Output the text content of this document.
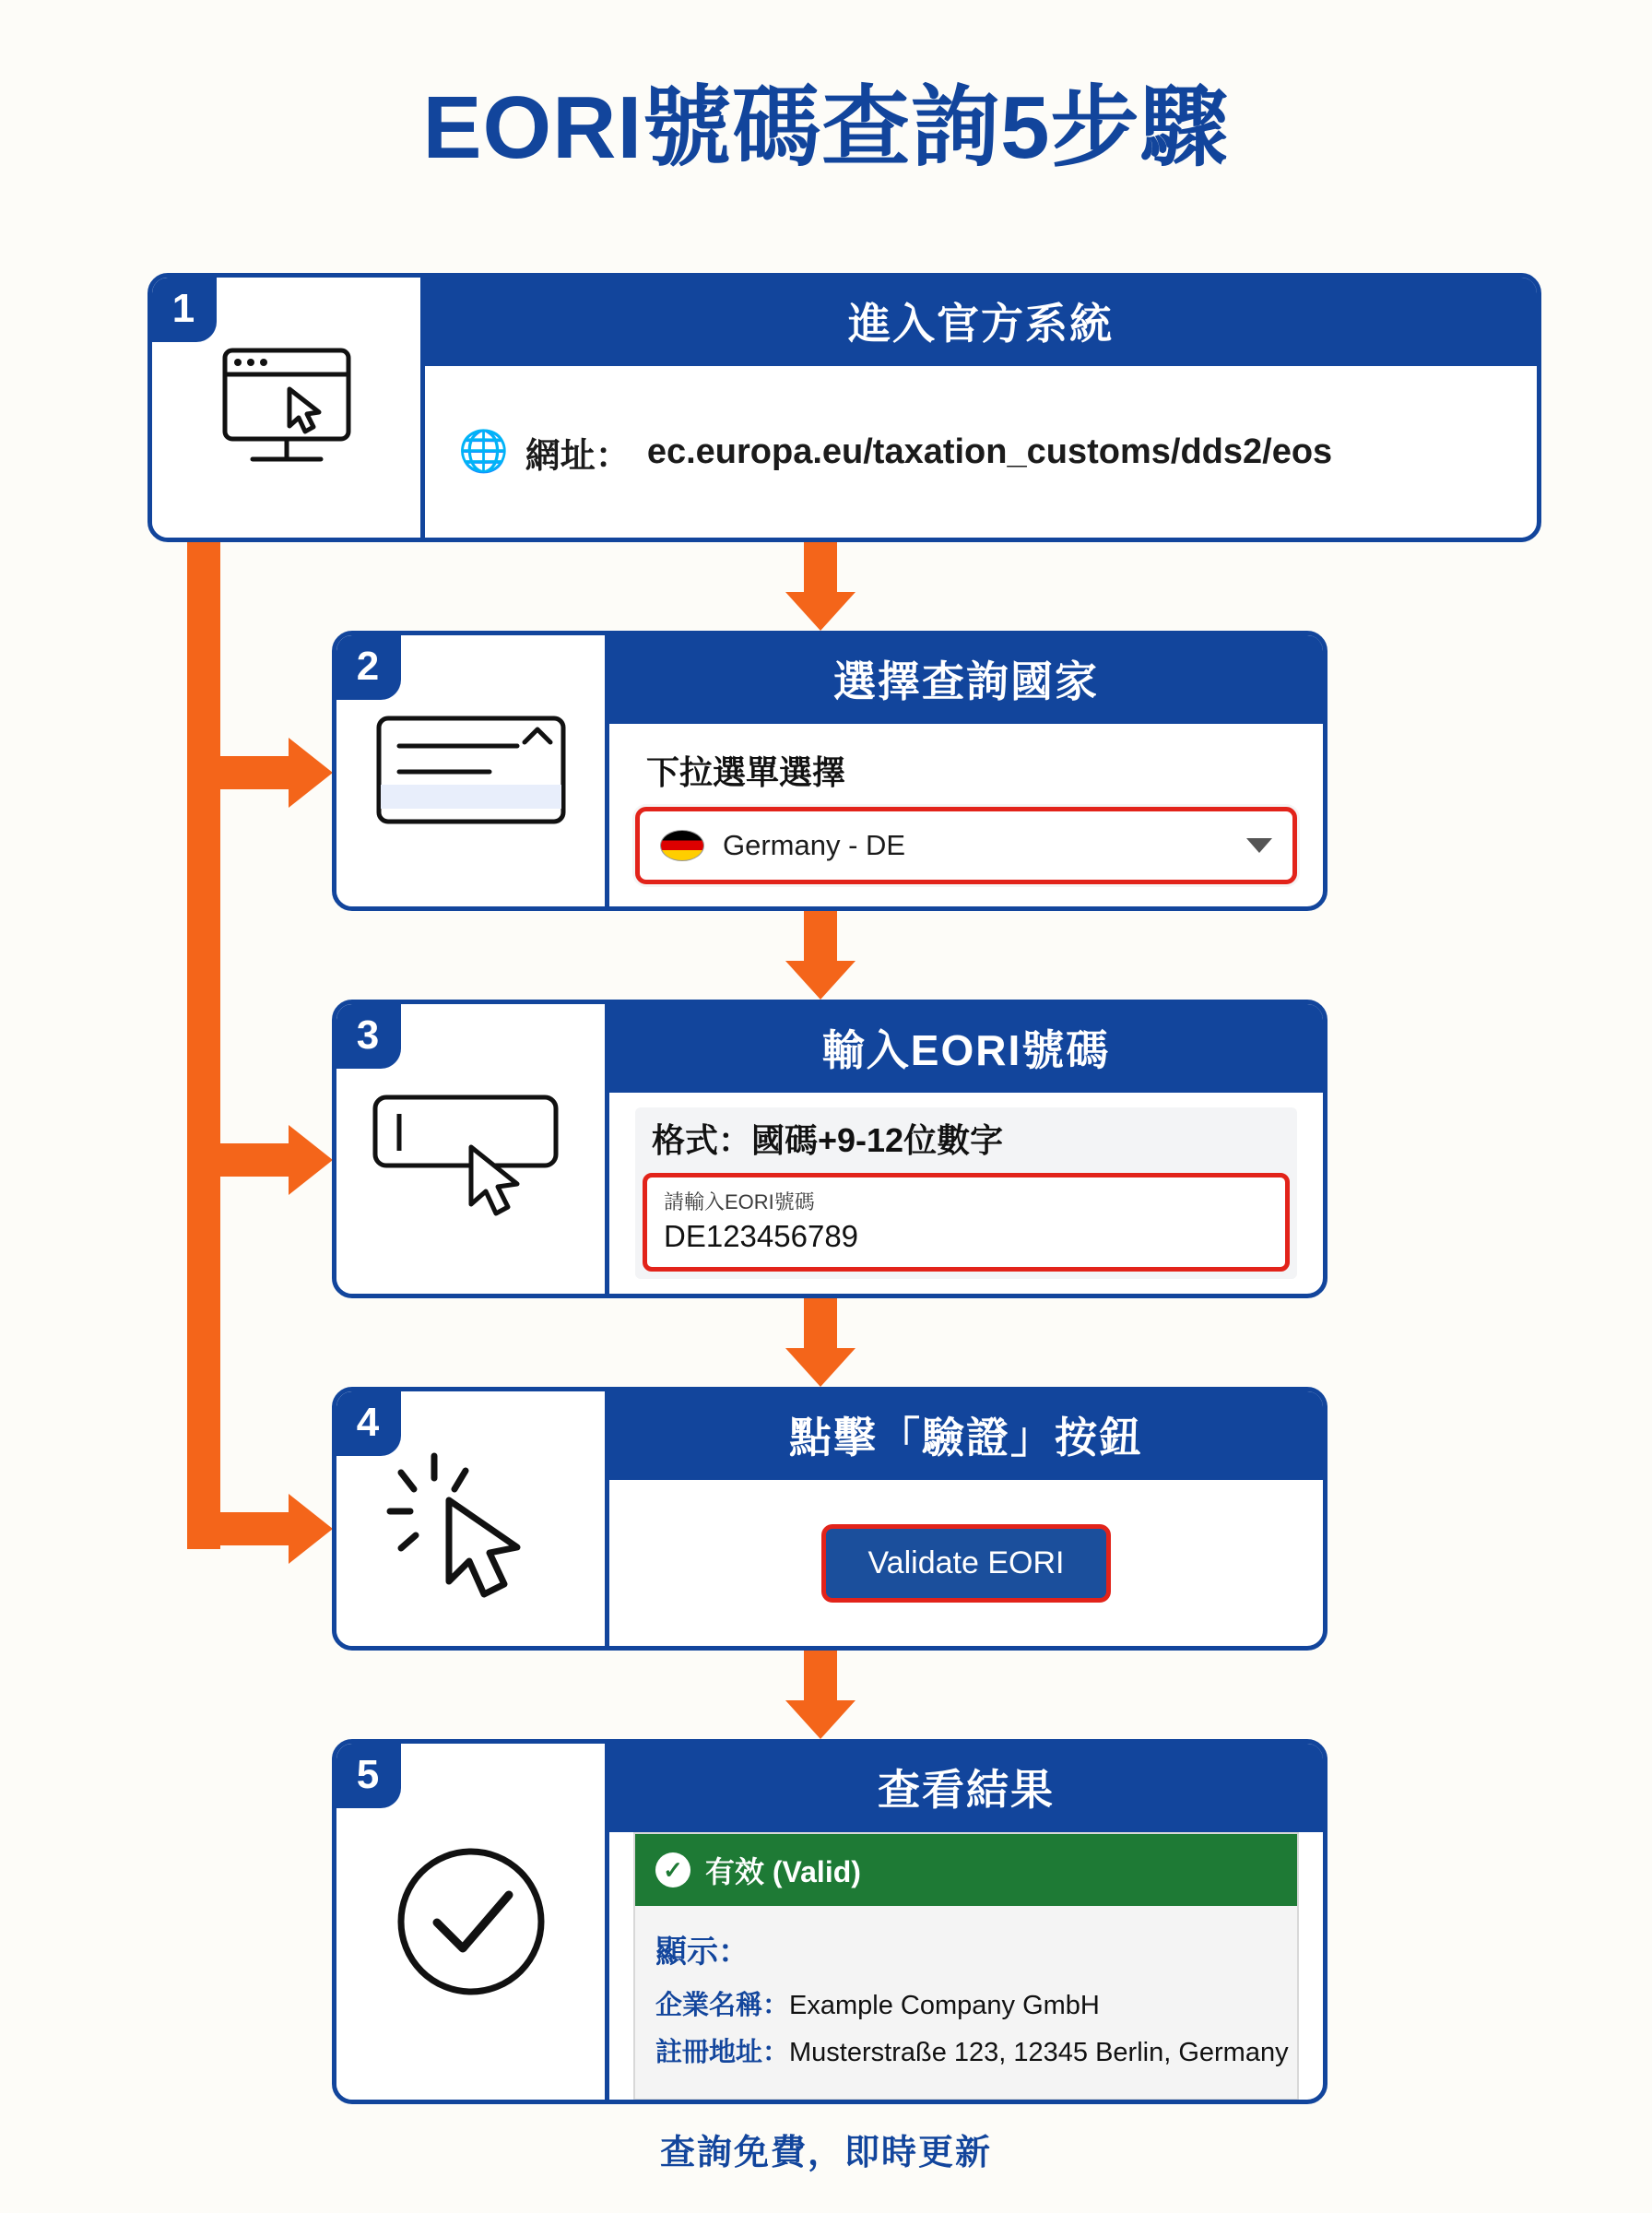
EORI號碼查詢5步驟
1	進入官方系統
🌐 網址： ec.europa.eu/taxation_customs/dds2/eos
2	選擇查詢國家
下拉選單選擇
Germany - DE
3	輸入EORI號碼
格式：國碼+9-12位數字
請輸入EORI號碼
DE123456789
4	點擊「驗證」按鈕
Validate EORI
5	查看結果
✓ 有效 (Valid)
顯示：
企業名稱：Example Company GmbH
註冊地址：Musterstraße 123, 12345 Berlin, Germany
查詢免費，即時更新
